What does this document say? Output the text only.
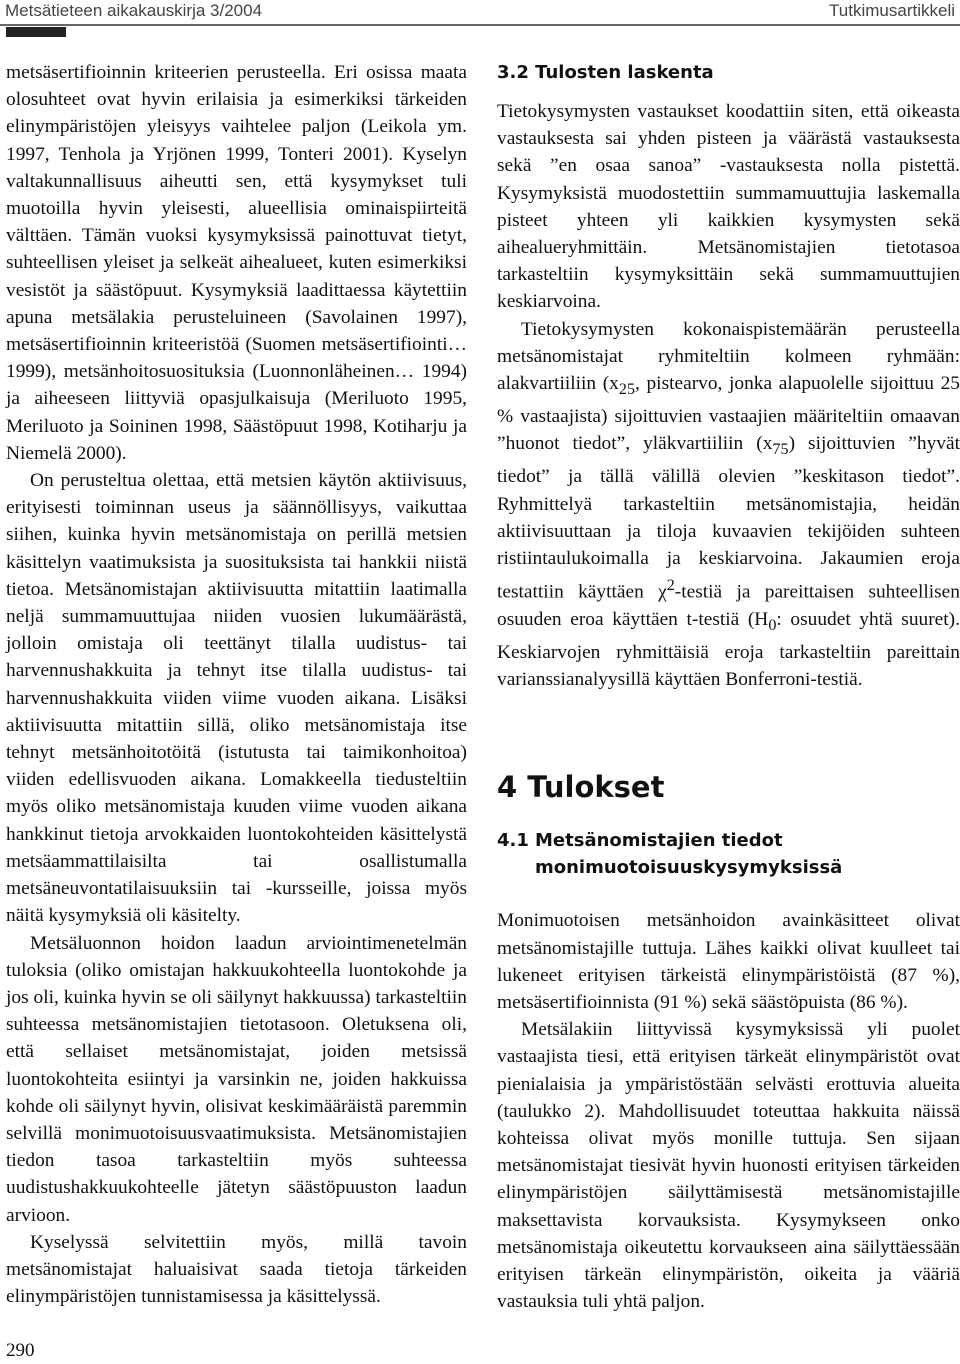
Metsätieteen aikakauskirja 3/2004	Tutkimusartikkeli

metsäsertifioinnin kriteerien perusteella. Eri osissa maata olosuhteet ovat hyvin erilaisia ja esimerkiksi tärkeiden elinympäristöjen yleisyys vaihtelee paljon (Leikola ym. 1997, Tenhola ja Yrjönen 1999, Tonteri 2001). Kyselyn valtakunnallisuus aiheutti sen, että kysymykset tuli muotoilla hyvin yleisesti, alueellisia ominaispiirteitä välttäen. Tämän vuoksi kysymyksissä painottuvat tietyt, suhteellisen yleiset ja selkeät aihealueet, kuten esimerkiksi vesistöt ja säästöpuut. Kysymyksiä laadittaessa käytettiin apuna metsälakia perusteluineen (Savolainen 1997), metsäsertifioinnin kriteeristöä (Suomen metsäsertifiointi… 1999), metsänhoitosuosituksia (Luonnonläheinen… 1994) ja aiheeseen liittyviä opasjulkaisuja (Meriluoto 1995, Meriluoto ja Soininen 1998, Säästöpuut 1998, Kotiharju ja Niemelä 2000).

On perusteltua olettaa, että metsien käytön aktiivisuus, erityisesti toiminnan useus ja säännöllisyys, vaikuttaa siihen, kuinka hyvin metsänomistaja on perillä metsien käsittelyn vaatimuksista ja suosituksista tai hankkii niistä tietoa. Metsänomistajan aktiivisuutta mitattiin laatimalla neljä summamuuttujaa niiden vuosien lukumäärästä, jolloin omistaja oli teettänyt tilalla uudistus- tai harvennushakkuita ja tehnyt itse tilalla uudistus- tai harvennushakkuita viiden viime vuoden aikana. Lisäksi aktiivisuutta mitattiin sillä, oliko metsänomistaja itse tehnyt metsänhoitotöitä (istutusta tai taimikonhoitoa) viiden edellisvuoden aikana. Lomakkeella tiedusteltiin myös oliko metsänomistaja kuuden viime vuoden aikana hankkinut tietoja arvokkaiden luontokohteiden käsittelystä metsäammattilaisilta tai osallistumalla metsäneuvontatilaisuuksiin tai -kursseille, joissa myös näitä kysymyksiä oli käsitelty.

Metsäluonnon hoidon laadun arviointimenetelmän tuloksia (oliko omistajan hakkuukohteella luontokohde ja jos oli, kuinka hyvin se oli säilynyt hakkuussa) tarkasteltiin suhteessa metsänomistajien tietotasoon. Oletuksena oli, että sellaiset metsänomistajat, joiden metsissä luontokohteita esiintyi ja varsinkin ne, joiden hakkuissa kohde oli säilynyt hyvin, olisivat keskimääräistä paremmin selvillä monimuotoisuusvaatimuksista. Metsänomistajien tiedon tasoa tarkasteltiin myös suhteessa uudistushakkuukohteelle jätetyn säästöpuuston laadun arvioon.

Kyselyssä selvitettiin myös, millä tavoin metsänomistajat haluaisivat saada tietoja tärkeiden elinympäristöjen tunnistamisessa ja käsittelyssä.

3.2 Tulosten laskenta

Tietokysymysten vastaukset koodattiin siten, että oikeasta vastauksesta sai yhden pisteen ja väärästä vastauksesta sekä ”en osaa sanoa” -vastauksesta nolla pistettä. Kysymyksistä muodostettiin summamuuttujia laskemalla pisteet yhteen yli kaikkien kysymysten sekä aihealueryhmittäin. Metsänomistajien tietotasoa tarkasteltiin kysymyksittäin sekä summamuuttujien keskiarvoina.

Tietokysymysten kokonaispistemäärän perusteella metsänomistajat ryhmiteltiin kolmeen ryhmään: alakvartiiliin ($x_{25}$, pistearvo, jonka alapuolelle sijoittuu 25 % vastaajista) sijoittuvien vastaajien määriteltiin omaavan ”huonot tiedot”, yläkvartiiliin $(x_{75})$ sijoittuvien ”hyvät tiedot” ja tällä välillä olevien ”keskitason tiedot”. Ryhmittelyä tarkasteltiin metsänomistajia, heidän aktiivisuuttaan ja tiloja kuvaavien tekijöiden suhteen ristiintaulukoimalla ja keskiarvoina. Jakaumien eroja testattiin käyttäen $\chi^2$-testiä ja pareittaisen suhteellisen osuuden eroa käyttäen t-testiä ($H_0$: osuudet yhtä suuret). Keskiarvojen ryhmittäisiä eroja tarkasteltiin pareittain varianssianalyysillä käyttäen Bonferroni-testiä.

4 Tulokset
4.1 Metsänomistajien tiedot
monimuotoisuuskysymyksissä

Monimuotoisen metsänhoidon avainkäsitteet olivat metsänomistajille tuttuja. Lähes kaikki olivat kuulleet tai lukeneet erityisen tärkeistä elinympäristöistä (87 %), metsäsertifioinnista (91 %) sekä säästöpuista (86 %).

Metsälakiin liittyvissä kysymyksissä yli puolet vastaajista tiesi, että erityisen tärkeät elinympäristöt ovat pienialaisia ja ympäristöstään selvästi erottuvia alueita (taulukko 2). Mahdollisuudet toteuttaa hakkuita näissä kohteissa olivat myös monille tuttuja. Sen sijaan metsänomistajat tiesivät hyvin huonosti erityisen tärkeiden elinympäristöjen säilyttämisestä metsänomistajille maksettavista korvauksista. Kysymykseen onko metsänomistaja oikeutettu korvaukseen aina säilyttäessään erityisen tärkeän elinympäristön, oikeita ja vääriä vastauksia tuli yhtä paljon.

290
